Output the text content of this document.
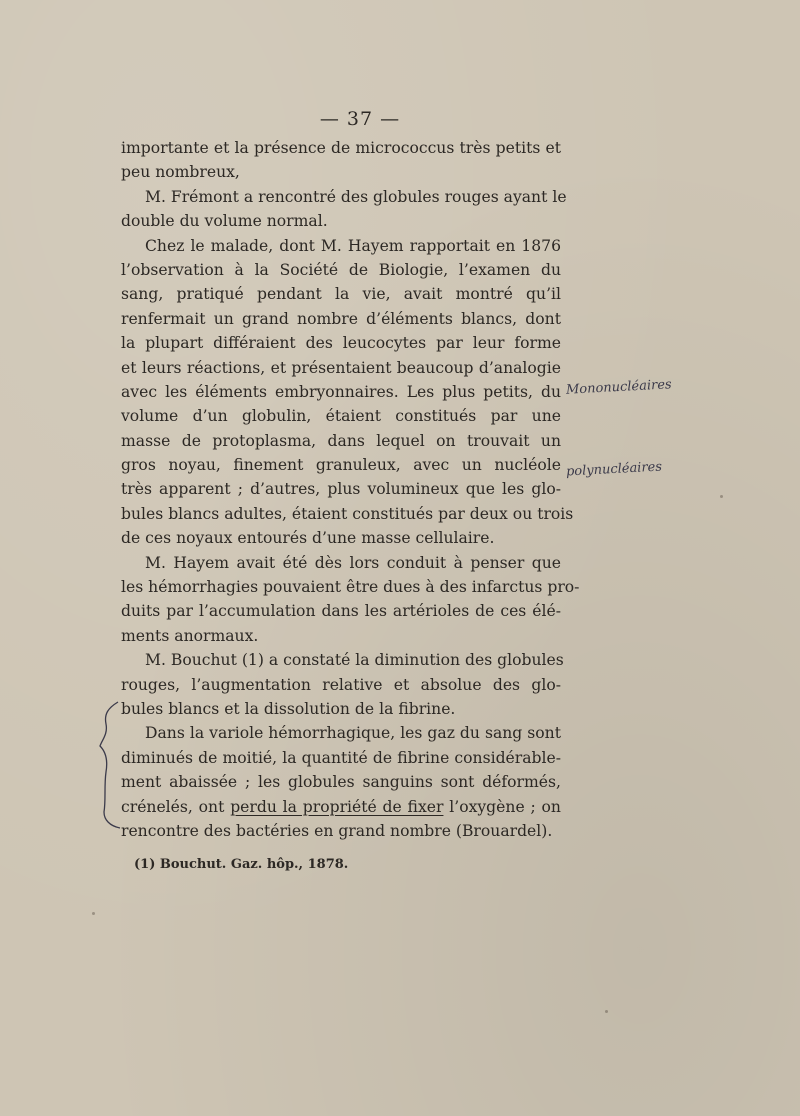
— 37 —
importante et la présence de micrococcus très petits et
peu nombreux,
M. Frémont a rencontré des globules rouges ayant le
double du volume normal.
Chez le malade, dont M. Hayem rapportait en 1876
l’observation à la Société de Biologie, l’examen du
sang, pratiqué pendant la vie, avait montré qu’il
renfermait un grand nombre d’éléments blancs, dont
la plupart différaient des leucocytes par leur forme
et leurs réactions, et présentaient beaucoup d’analogie
avec les éléments embryonnaires. Les plus petits, du
volume d’un globulin, étaient constitués par une
masse de protoplasma, dans lequel on trouvait un
gros noyau, finement granuleux, avec un nucléole
très apparent ; d’autres, plus volumineux que les glo-
bules blancs adultes, étaient constitués par deux ou trois
de ces noyaux entourés d’une masse cellulaire.
M. Hayem avait été dès lors conduit à penser que
les hémorrhagies pouvaient être dues à des infarctus pro-
duits par l’accumulation dans les artérioles de ces élé-
ments anormaux.
M. Bouchut (1) a constaté la diminution des globules
rouges, l’augmentation relative et absolue des glo-
bules blancs et la dissolution de la fibrine.
Dans la variole hémorrhagique, les gaz du sang sont
diminués de moitié, la quantité de fibrine considérable-
ment abaissée ; les globules sanguins sont déformés,
crénelés, ont perdu la propriété de fixer l’oxygène ; on
rencontre des bactéries en grand nombre (Brouardel).
(1) Bouchut. Gaz. hôp., 1878.
Mononucléaires
polynucléaires
